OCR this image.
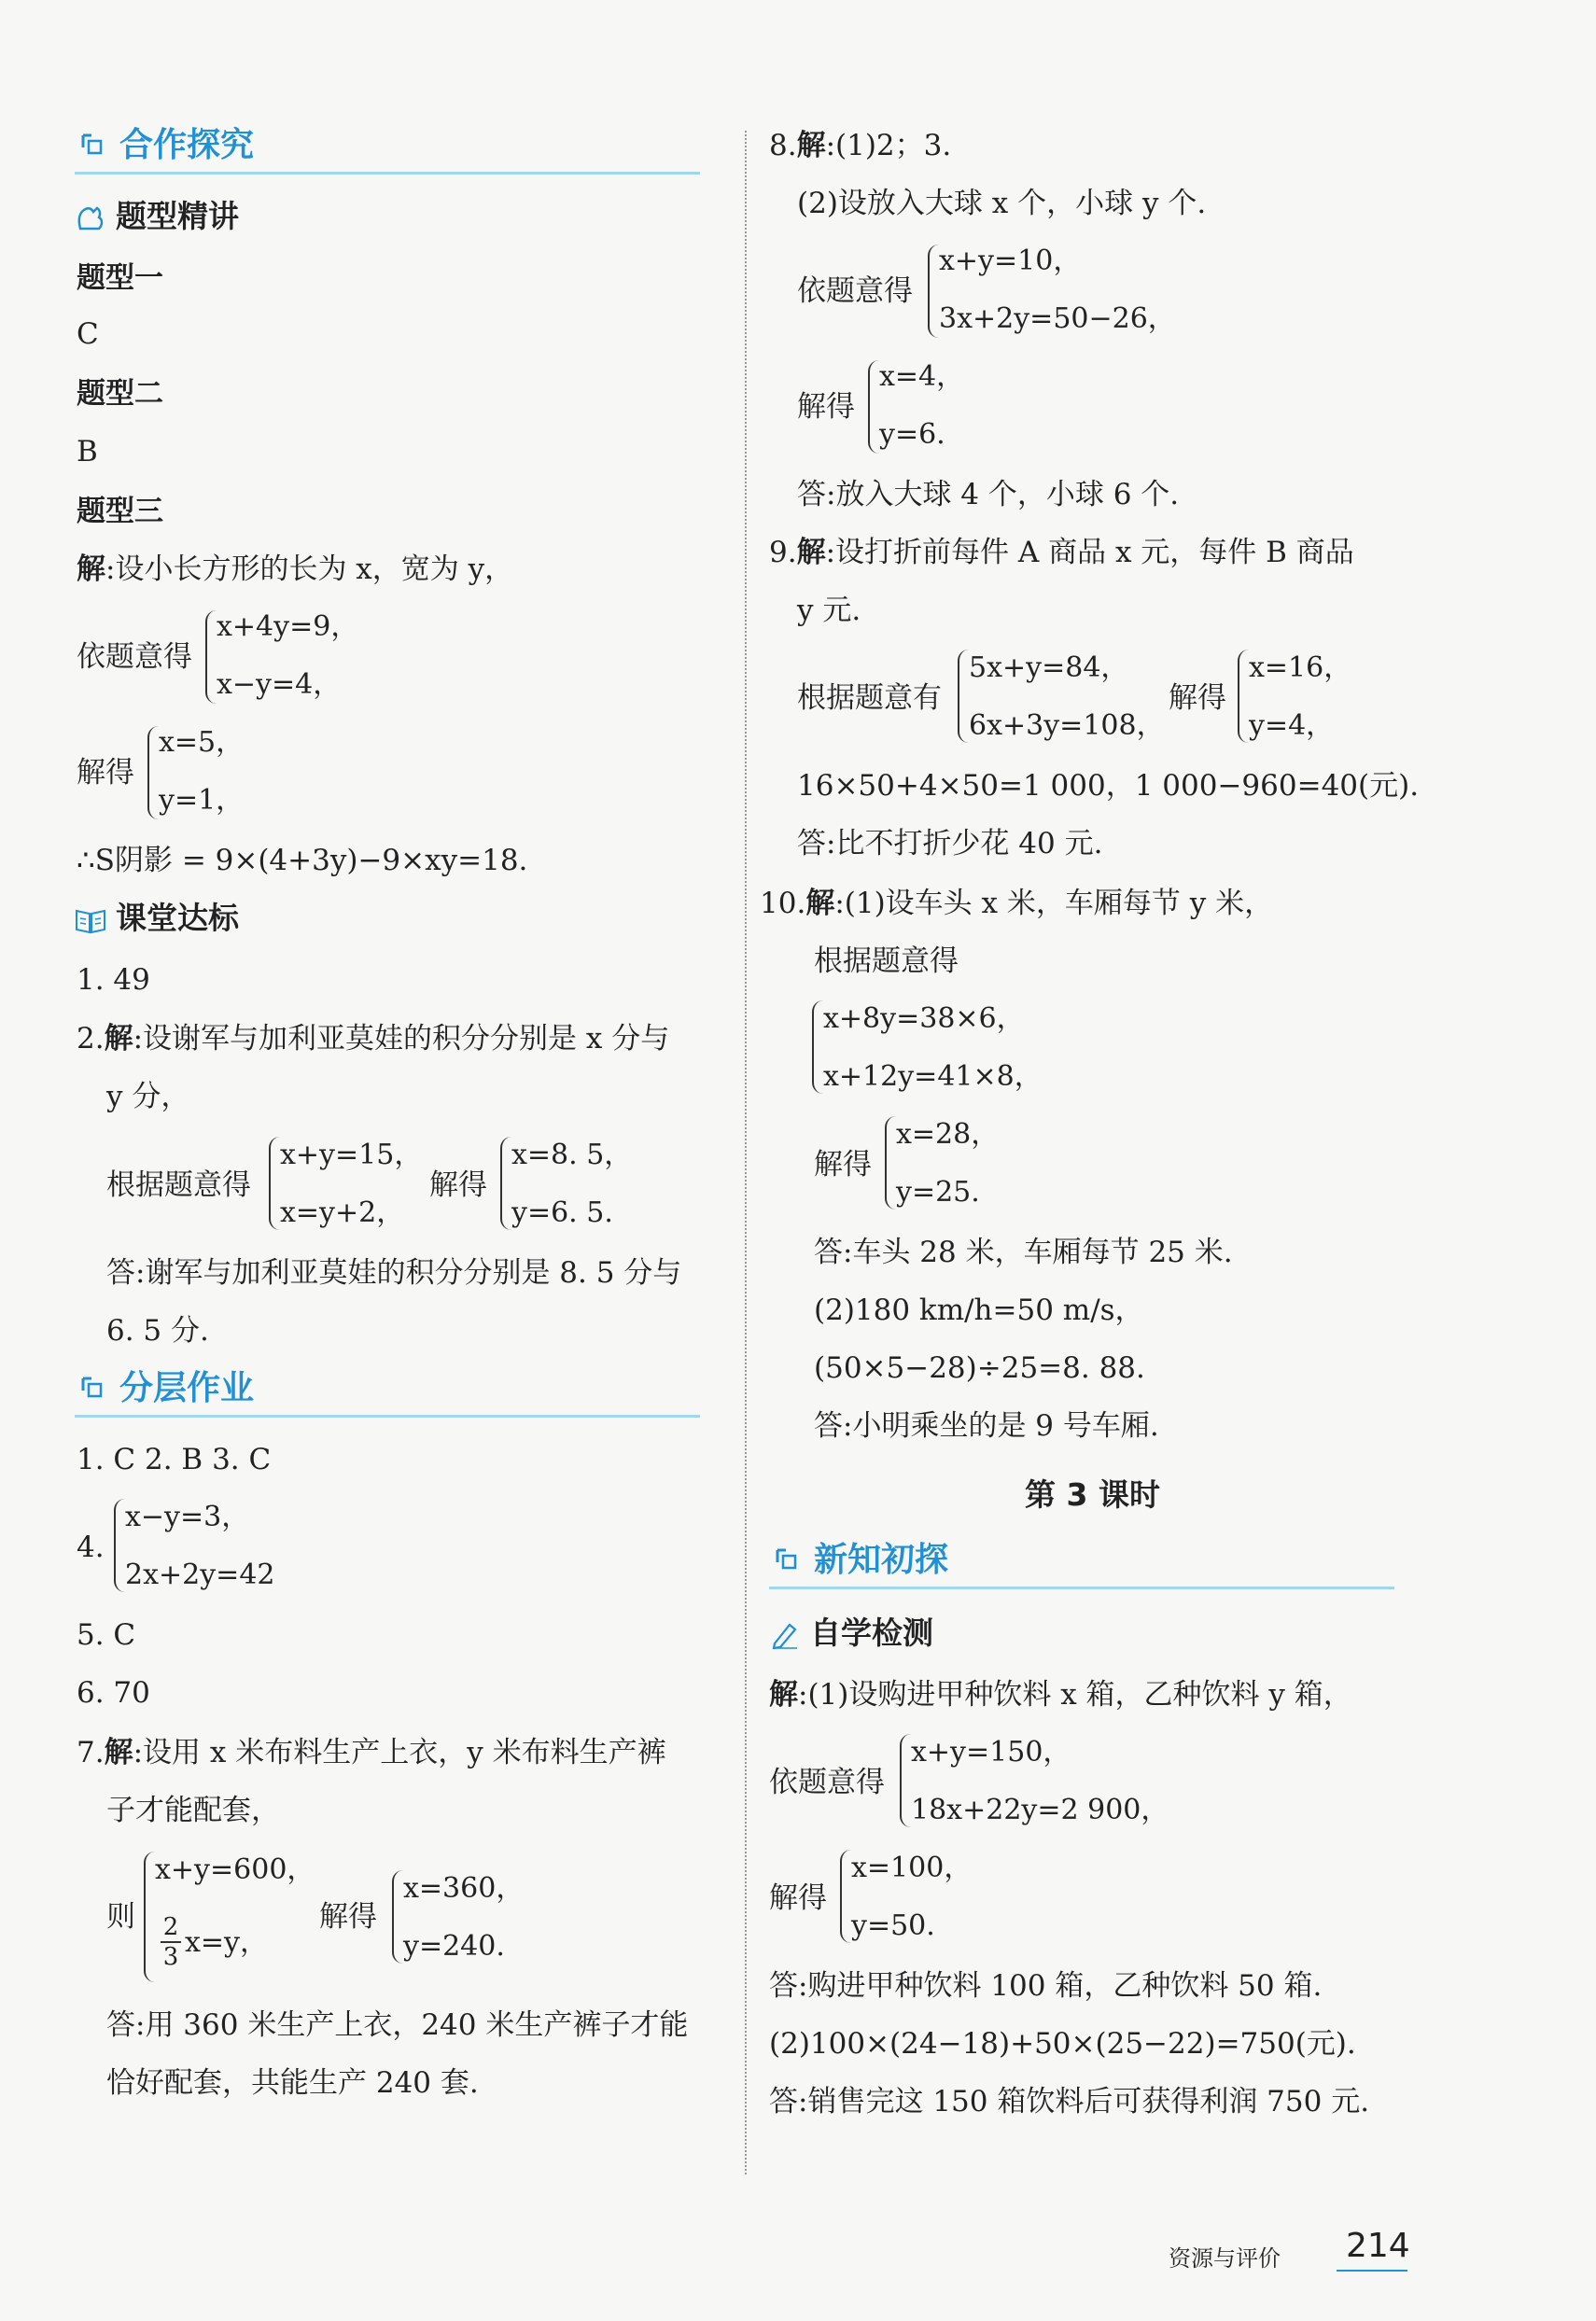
合作探究
题型精讲
题型一
C
题型二
B
题型三
解:设小长方形的长为 x，宽为 y，
依题意得
x+4y=9，
x−y=4，
解得
x=5，
y=1，
∴S阴影 = 9×(4+3y)−9×xy=18.
课堂达标
1. 49
2.解:设谢军与加利亚莫娃的积分分别是 x 分与
y 分，
根据题意得
x+y=15，
x=y+2，
解得
x=8. 5，
y=6. 5.
答:谢军与加利亚莫娃的积分分别是 8. 5 分与
6. 5 分.
分层作业
1. C 2. B 3. C
4.
x−y=3，
2x+2y=42
5. C
6. 70
7.解:设用 x 米布料生产上衣，y 米布料生产裤
子才能配套，
则
x+y=600，
2
3 x=y，
解得
x=360，
y=240.
答:用 360 米生产上衣，240 米生产裤子才能
恰好配套，共能生产 240 套.
8.解:(1)2；3.
(2)设放入大球 x 个，小球 y 个.
依题意得
x+y=10，
3x+2y=50−26，
解得
x=4，
y=6.
答:放入大球 4 个，小球 6 个.
9.解:设打折前每件 A 商品 x 元，每件 B 商品
y 元.
根据题意有
5x+y=84，
6x+3y=108，
解得
x=16，
y=4，
16×50+4×50=1 000，1 000−960=40(元).
答:比不打折少花 40 元.
10.解:(1)设车头 x 米，车厢每节 y 米，
根据题意得
x+8y=38×6，
x+12y=41×8，
解得
x=28，
y=25.
答:车头 28 米，车厢每节 25 米.
(2)180 km/h=50 m/s，
(50×5−28)÷25=8. 88.
答:小明乘坐的是 9 号车厢.
第 3 课时
新知初探
自学检测
解:(1)设购进甲种饮料 x 箱，乙种饮料 y 箱，
依题意得
x+y=150，
18x+22y=2 900，
解得
x=100，
y=50.
答:购进甲种饮料 100 箱，乙种饮料 50 箱.
(2)100×(24−18)+50×(25−22)=750(元).
答:销售完这 150 箱饮料后可获得利润 750 元.
资源与评价 214
